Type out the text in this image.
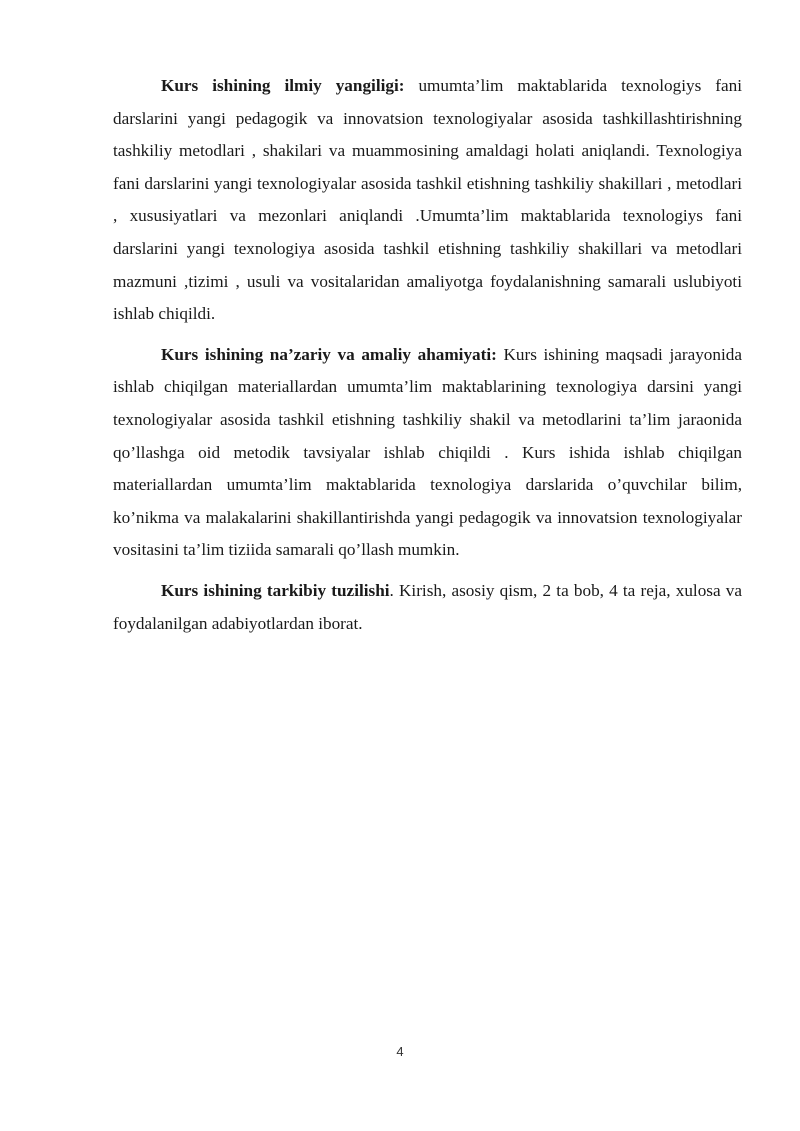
Kurs ishining ilmiy yangiligi: umumta’lim maktablarida texnologiys fani darslarini yangi pedagogik va innovatsion texnologiyalar asosida tashkillashtirishning tashkiliy metodlari , shakilari va muammosining amaldagi holati aniqlandi. Texnologiya fani darslarini yangi texnologiyalar asosida tashkil etishning tashkiliy shakillari , metodlari , xususiyatlari va mezonlari aniqlandi .Umumta’lim maktablarida texnologiys fani darslarini yangi texnologiya asosida tashkil etishning tashkiliy shakillari va metodlari mazmuni ,tizimi , usuli va vositalaridan amaliyotga foydalanishning samarali uslubiyoti ishlab chiqildi.

Kurs ishining na’zariy va amaliy ahamiyati: Kurs ishining maqsadi jarayonida ishlab chiqilgan materiallardan umumta’lim maktablarining texnologiya darsini yangi texnologiyalar asosida tashkil etishning tashkiliy shakil va metodlarini ta’lim jaraonida qo’llashga oid metodik tavsiyalar ishlab chiqildi . Kurs ishida ishlab chiqilgan materiallardan umumta’lim maktablarida texnologiya darslarida o’quvchilar bilim, ko’nikma va malakalarini shakillantirishda yangi pedagogik va innovatsion texnologiyalar vositasini ta’lim tiziida samarali qo’llash mumkin.

Kurs ishining tarkibiy tuzilishi. Kirish, asosiy qism, 2 ta bob, 4 ta reja, xulosa va foydalanilgan adabiyotlardan iborat.

4
